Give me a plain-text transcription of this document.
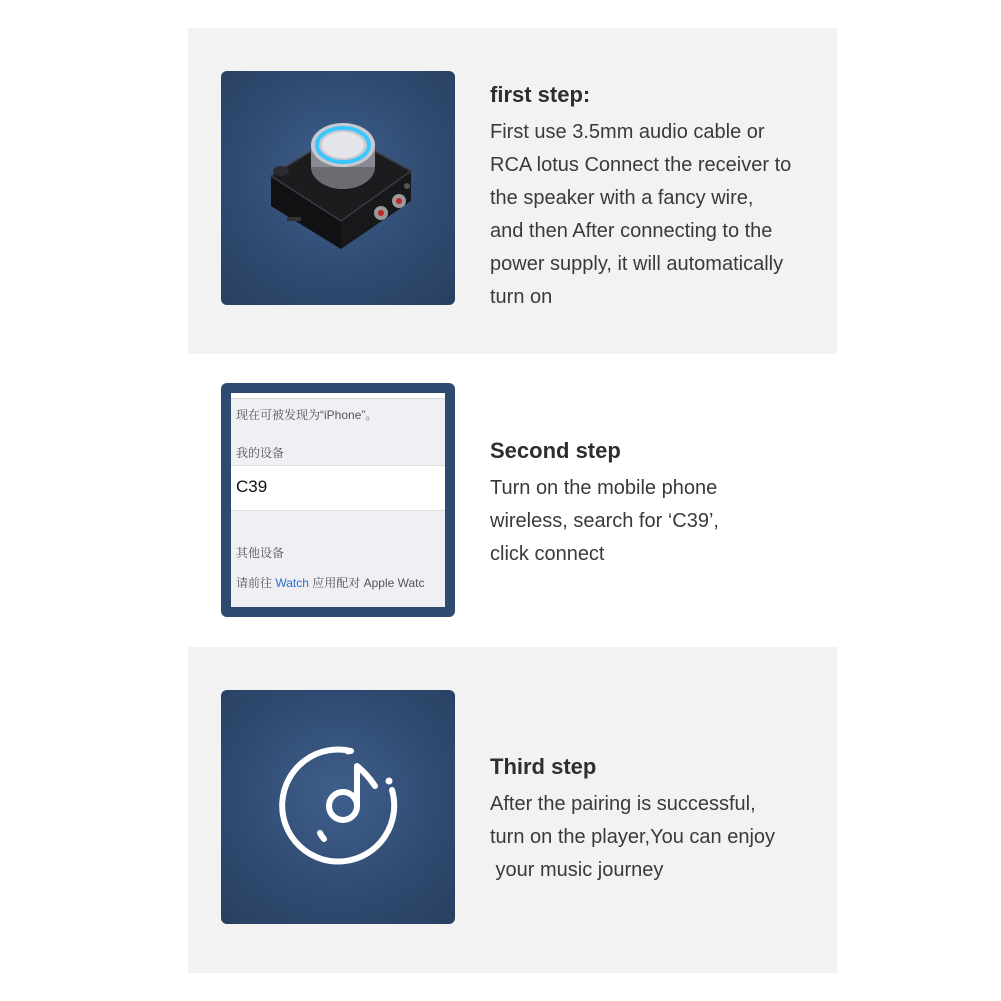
first step:

First use 3.5mm audio cable or
RCA lotus Connect the receiver to
the speaker with a fancy wire,
and then After connecting to the
power supply, it will automatically
turn on

现在可被发现为“iPhone”。
我的设备
C39
其他设备
请前往 Watch 应用配对 Apple Watc

Second step

Turn on the mobile phone
wireless, search for ‘C39’,
click connect

Third step

After the pairing is successful,
turn on the player,You can enjoy
your music journey
